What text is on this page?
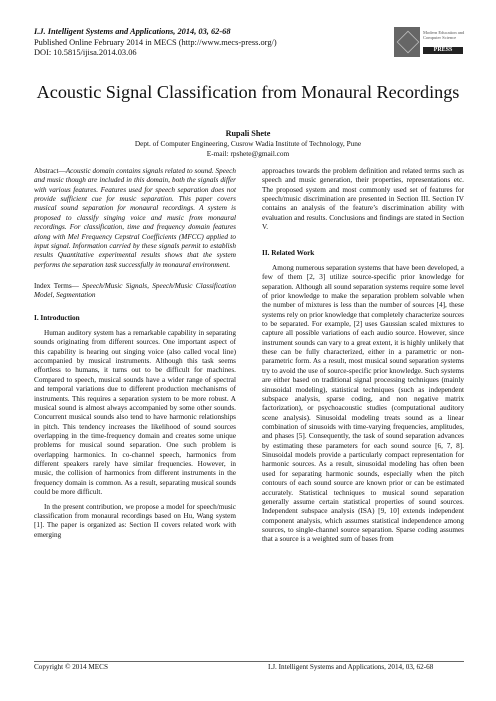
I.J. Intelligent Systems and Applications, 2014, 03, 62-68
Published Online February 2014 in MECS (http://www.mecs-press.org/)
DOI: 10.5815/ijisa.2014.03.06
Modern Education and Computer Science
PRESS
Acoustic Signal Classification from Monaural Recordings
Rupali Shete
Dept. of Computer Engineering, Cusrow Wadia Institute of Technology, Pune
E-mail: rpshete@gmail.com

Abstract—Acoustic domain contains signals related to sound. Speech and music though are included in this domain, both the signals differ with various features. Features used for speech separation does not provide sufficient cue for music separation. This paper covers musical sound separation for monaural recordings. A system is proposed to classify singing voice and music from monaural recordings. For classification, time and frequency domain features along with Mel Frequency Cepstral Coefficients (MFCC) applied to input signal. Information carried by these signals permit to establish results Quantitative experimental results shows that the system performs the separation task successfully in monaural environment.

Index Terms— Speech/Music Signals, Speech/Music Classification Model, Segmentation

I. Introduction

Human auditory system has a remarkable capability in separating sounds originating from different sources. One important aspect of this capability is hearing out singing voice (also called vocal line) accompanied by musical instruments. Although this task seems effortless to humans, it turns out to be difficult for machines. Compared to speech, musical sounds have a wider range of spectral and temporal variations due to different production mechanisms of instruments. This requires a separation system to be more robust. A musical sound is almost always accompanied by some other sounds. Concurrent musical sounds also tend to have harmonic relationships in pitch. This tendency increases the likelihood of sound sources overlapping in the time-frequency domain and creates some unique problems for musical sound separation. One such problem is overlapping harmonics. In co-channel speech, harmonics from different speakers rarely have similar frequencies. However, in music, the collision of harmonics from different instruments in the frequency domain is common. As a result, separating musical sounds could be more difficult.

In the present contribution, we propose a model for speech/music classification from monaural recordings based on Hu, Wang system [1]. The paper is organized as: Section II covers related work with emerging

approaches towards the problem definition and related terms such as speech and music generation, their properties, representations etc. The proposed system and most commonly used set of features for speech/music discrimination are presented in Section III. Section IV contains an analysis of the feature’s discrimination ability with evaluation and results. Conclusions and findings are stated in Section V.

II. Related Work

Among numerous separation systems that have been developed, a few of them [2, 3] utilize source-specific prior knowledge for separation. Although all sound separation systems require some level of prior knowledge to make the separation problem solvable when the number of mixtures is less than the number of sources [4], these systems rely on prior knowledge that completely characterize sources to be separated. For example, [2] uses Gaussian scaled mixtures to capture all possible variations of each audio source. However, since instrument sounds can vary to a great extent, it is highly unlikely that these can be fully characterized, either in a parametric or non-parametric form. As a result, most musical sound separation systems try to avoid the use of source-specific prior knowledge. Such systems are either based on traditional signal processing techniques (mainly sinusoidal modeling), statistical techniques (such as independent subspace analysis, sparse coding, and non negative matrix factorization), or psychoacoustic studies (computational auditory scene analysis). Sinusoidal modeling treats sound as a linear combination of sinusoids with time-varying frequencies, amplitudes, and phases [5]. Consequently, the task of sound separation advances by estimating these parameters for each sound source [6, 7, 8]. Sinusoidal models provide a particularly compact representation for harmonic sources. As a result, sinusoidal modeling has often been used for separating harmonic sounds, especially when the pitch contours of each sound source are known prior or can be estimated accurately. Statistical techniques to musical sound separation generally assume certain statistical properties of sound sources. Independent subspace analysis (ISA) [9, 10] extends independent component analysis, which assumes statistical independence among sources, to single-channel source separation. Sparse coding assumes that a source is a weighted sum of bases from

Copyright © 2014 MECS	I.J. Intelligent Systems and Applications, 2014, 03, 62-68
